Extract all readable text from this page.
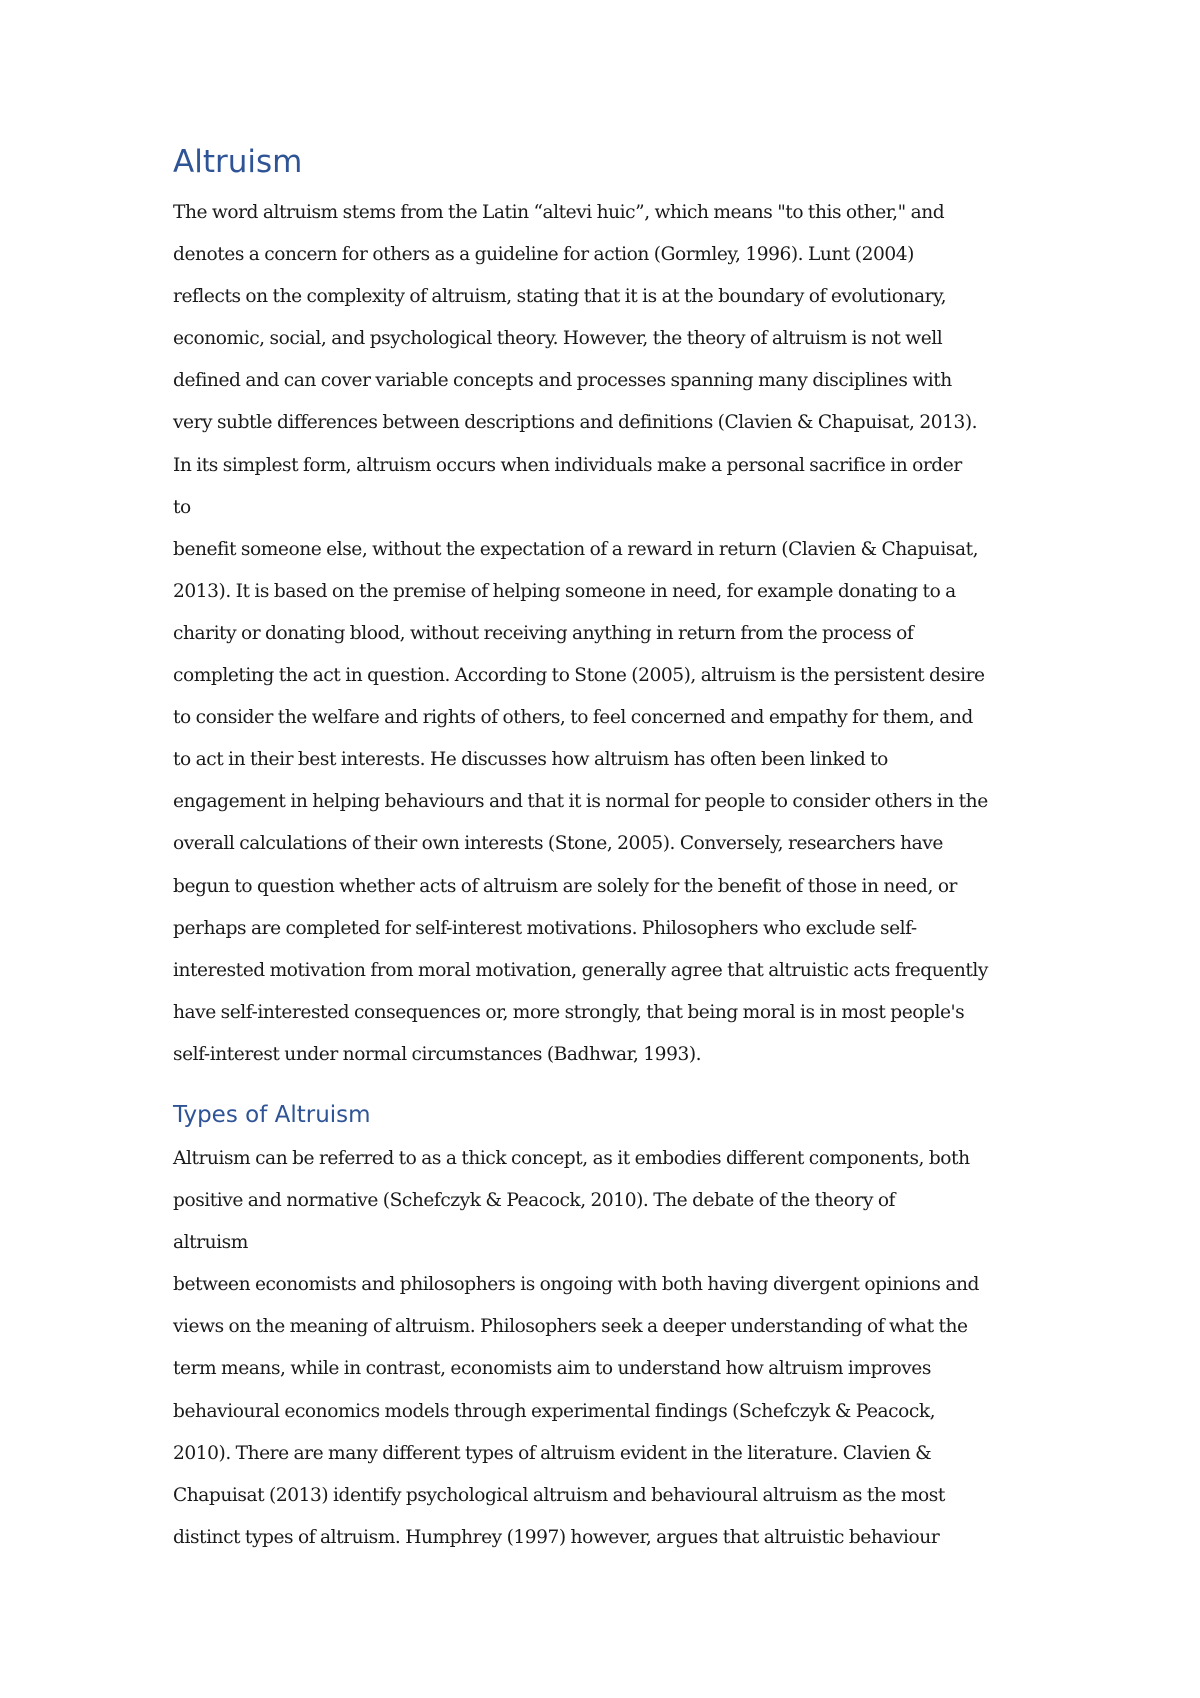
Altruism

The word altruism stems from the Latin “altevi huic”, which means "to this other," and
denotes a concern for others as a guideline for action (Gormley, 1996). Lunt (2004)
reflects on the complexity of altruism, stating that it is at the boundary of evolutionary,
economic, social, and psychological theory. However, the theory of altruism is not well
defined and can cover variable concepts and processes spanning many disciplines with
very subtle differences between descriptions and definitions (Clavien & Chapuisat, 2013).
In its simplest form, altruism occurs when individuals make a personal sacrifice in order
to
benefit someone else, without the expectation of a reward in return (Clavien & Chapuisat,
2013). It is based on the premise of helping someone in need, for example donating to a
charity or donating blood, without receiving anything in return from the process of
completing the act in question. According to Stone (2005), altruism is the persistent desire
to consider the welfare and rights of others, to feel concerned and empathy for them, and
to act in their best interests. He discusses how altruism has often been linked to
engagement in helping behaviours and that it is normal for people to consider others in the
overall calculations of their own interests (Stone, 2005). Conversely, researchers have
begun to question whether acts of altruism are solely for the benefit of those in need, or
perhaps are completed for self-interest motivations. Philosophers who exclude self-
interested motivation from moral motivation, generally agree that altruistic acts frequently
have self-interested consequences or, more strongly, that being moral is in most people's
self-interest under normal circumstances (Badhwar, 1993).

Types of Altruism

Altruism can be referred to as a thick concept, as it embodies different components, both
positive and normative (Schefczyk & Peacock, 2010). The debate of the theory of
altruism
between economists and philosophers is ongoing with both having divergent opinions and
views on the meaning of altruism. Philosophers seek a deeper understanding of what the
term means, while in contrast, economists aim to understand how altruism improves
behavioural economics models through experimental findings (Schefczyk & Peacock,
2010). There are many different types of altruism evident in the literature. Clavien &
Chapuisat (2013) identify psychological altruism and behavioural altruism as the most
distinct types of altruism. Humphrey (1997) however, argues that altruistic behaviour
